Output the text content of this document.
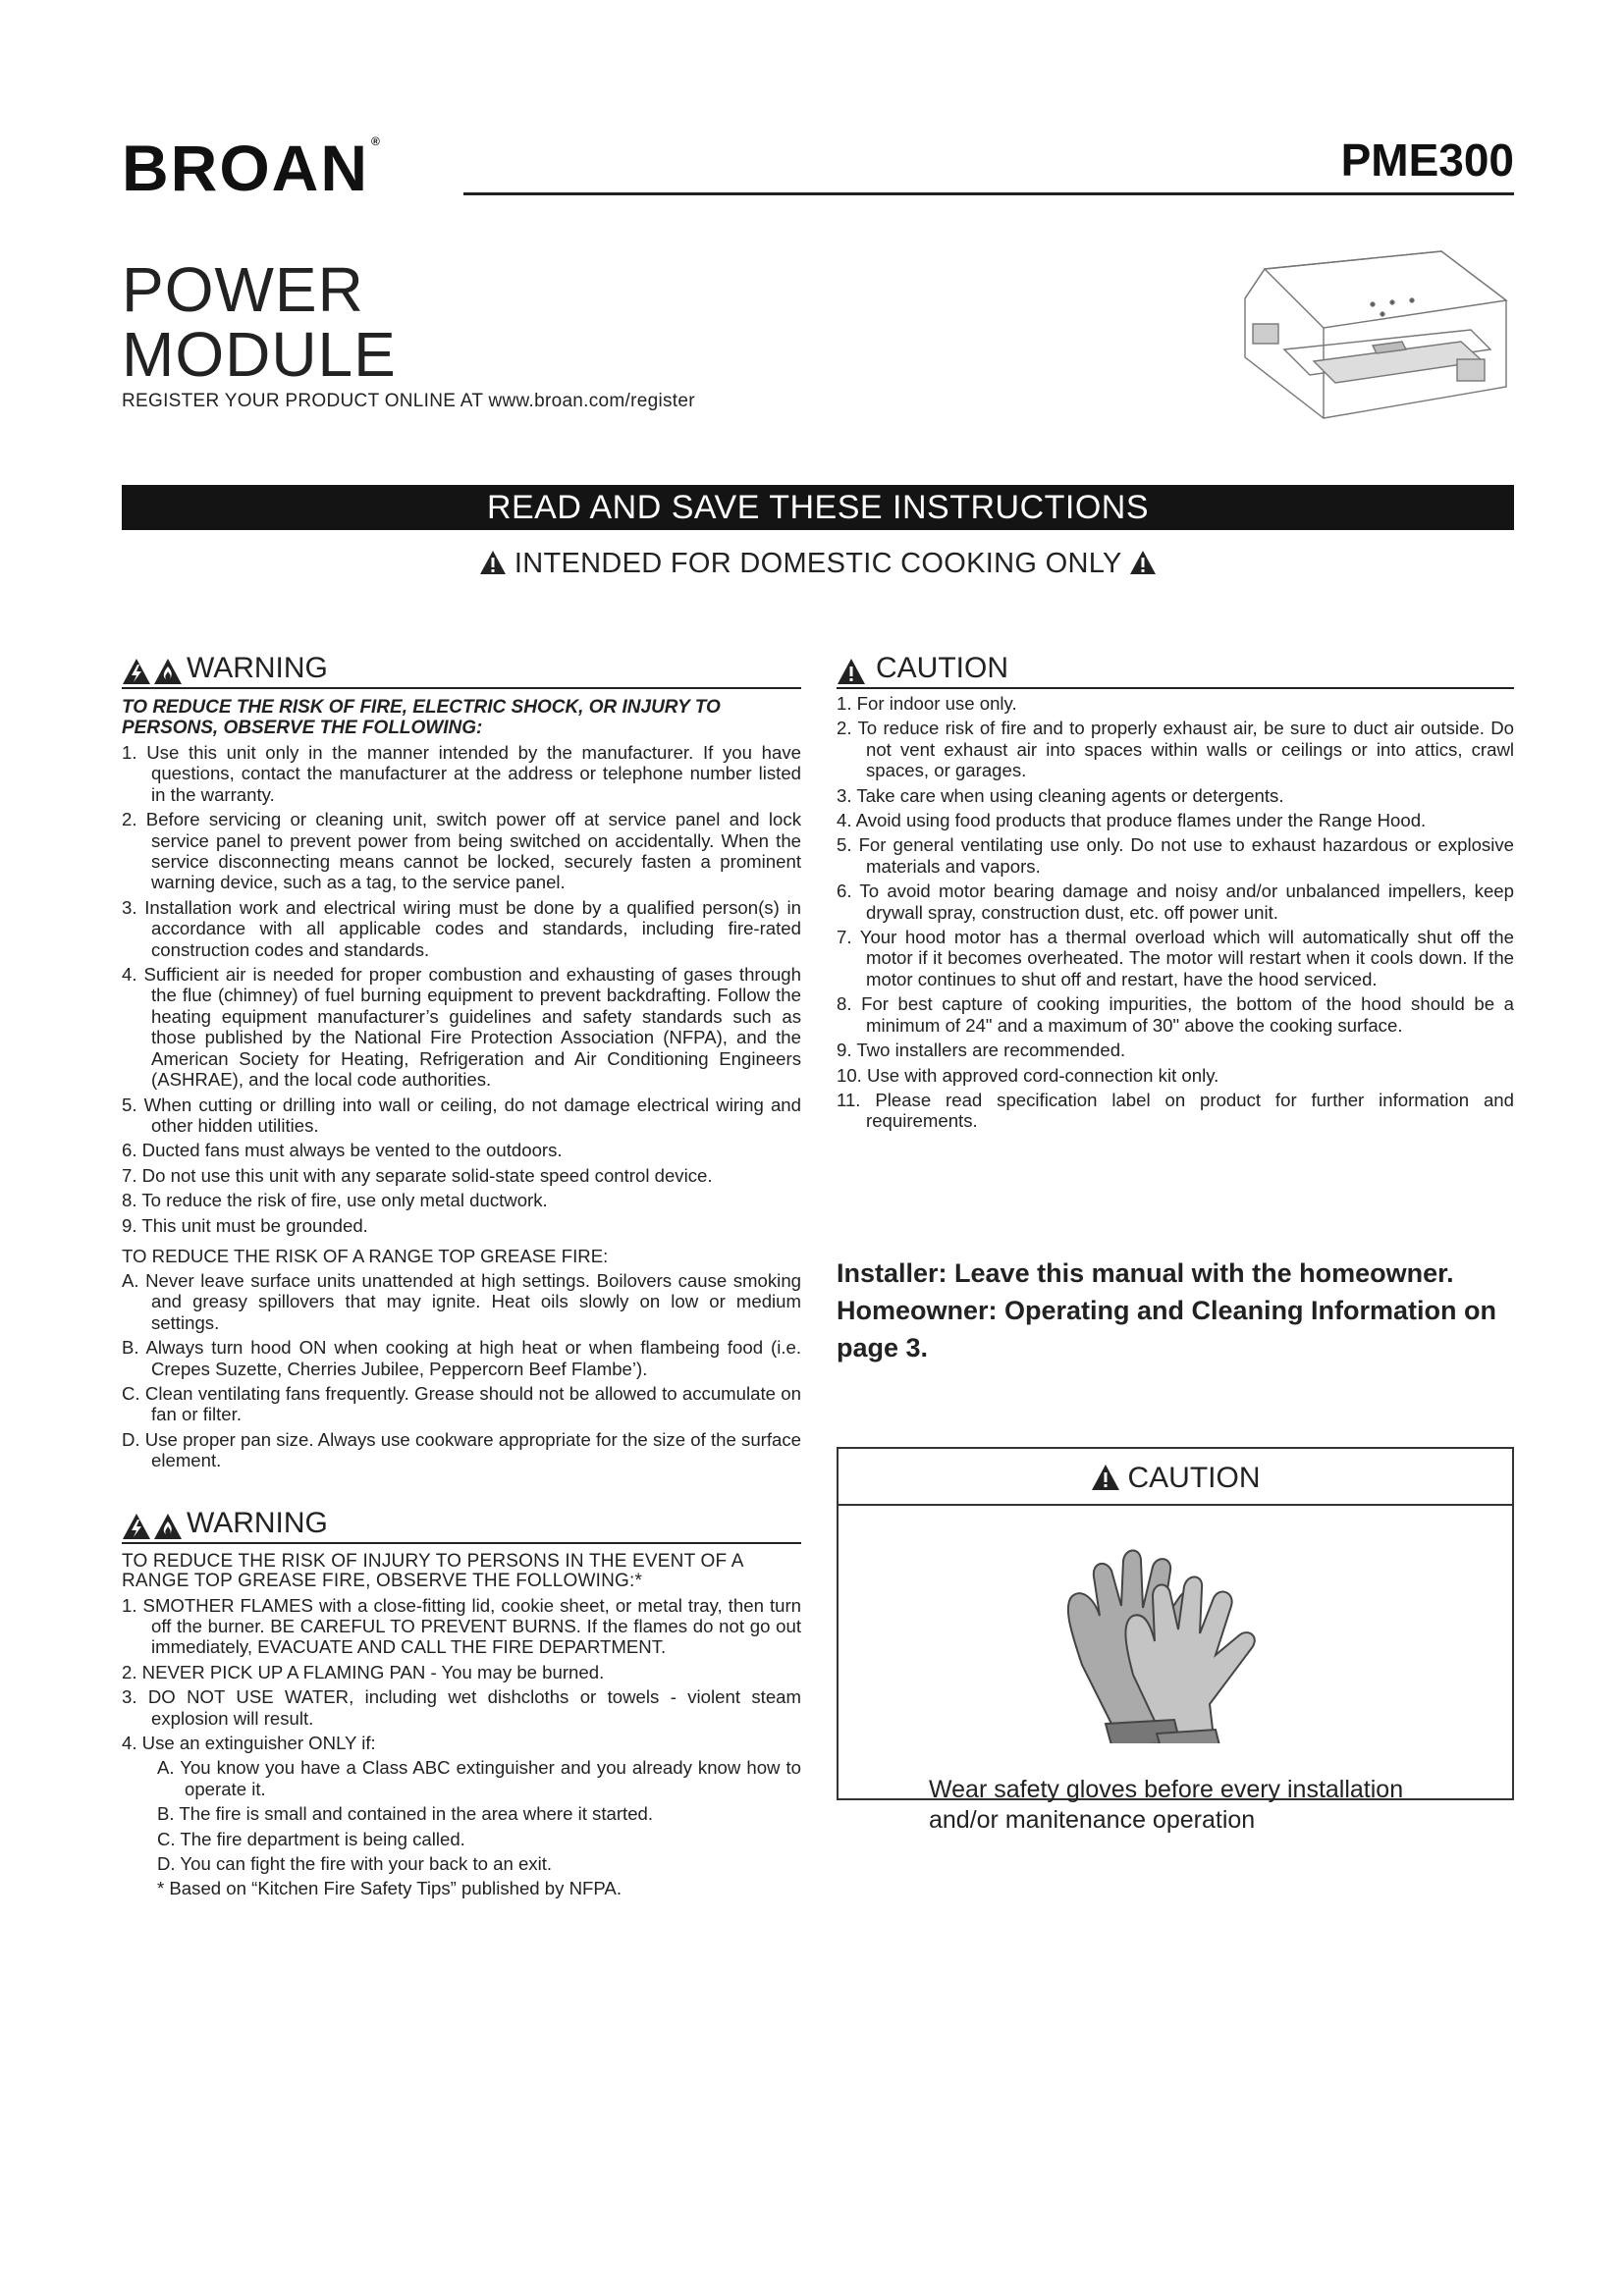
BROAN ®	PME300
POWER
MODULE
REGISTER YOUR PRODUCT ONLINE AT www.broan.com/register
READ AND SAVE THESE INSTRUCTIONS
INTENDED FOR DOMESTIC COOKING ONLY
WARNING
TO REDUCE THE RISK OF FIRE, ELECTRIC SHOCK, OR INJURY TO PERSONS, OBSERVE THE FOLLOWING:
1. Use this unit only in the manner intended by the manufacturer. If you have questions, contact the manufacturer at the address or telephone number listed in the warranty.
2. Before servicing or cleaning unit, switch power off at service panel and lock service panel to prevent power from being switched on accidentally. When the service disconnecting means cannot be locked, securely fasten a prominent warning device, such as a tag, to the service panel.
3. Installation work and electrical wiring must be done by a qualified person(s) in accordance with all applicable codes and standards, including fire-rated construction codes and standards.
4. Sufficient air is needed for proper combustion and exhausting of gases through the flue (chimney) of fuel burning equipment to prevent backdrafting. Follow the heating equipment manufacturer’s guidelines and safety standards such as those published by the National Fire Protection Association (NFPA), and the American Society for Heating, Refrigeration and Air Conditioning Engineers (ASHRAE), and the local code authorities.
5. When cutting or drilling into wall or ceiling, do not damage electrical wiring and other hidden utilities.
6. Ducted fans must always be vented to the outdoors.
7. Do not use this unit with any separate solid-state speed control device.
8. To reduce the risk of fire, use only metal ductwork.
9. This unit must be grounded.
TO REDUCE THE RISK OF A RANGE TOP GREASE FIRE:
A. Never leave surface units unattended at high settings. Boilovers cause smoking and greasy spillovers that may ignite. Heat oils slowly on low or medium settings.
B. Always turn hood ON when cooking at high heat or when flambeing food (i.e. Crepes Suzette, Cherries Jubilee, Peppercorn Beef Flambe’).
C. Clean ventilating fans frequently. Grease should not be allowed to accumulate on fan or filter.
D. Use proper pan size. Always use cookware appropriate for the size of the surface element.
WARNING
TO REDUCE THE RISK OF INJURY TO PERSONS IN THE EVENT OF A RANGE TOP GREASE FIRE, OBSERVE THE FOLLOWING:*
1. SMOTHER FLAMES with a close-fitting lid, cookie sheet, or metal tray, then turn off the burner. BE CAREFUL TO PREVENT BURNS. If the flames do not go out immediately, EVACUATE AND CALL THE FIRE DEPARTMENT.
2. NEVER PICK UP A FLAMING PAN - You may be burned.
3. DO NOT USE WATER, including wet dishcloths or towels - violent steam explosion will result.
4. Use an extinguisher ONLY if:
A. You know you have a Class ABC extinguisher and you already know how to operate it.
B. The fire is small and contained in the area where it started.
C. The fire department is being called.
D. You can fight the fire with your back to an exit.
* Based on “Kitchen Fire Safety Tips” published by NFPA.
CAUTION
1. For indoor use only.
2. To reduce risk of fire and to properly exhaust air, be sure to duct air outside. Do not vent exhaust air into spaces within walls or ceilings or into attics, crawl spaces, or garages.
3. Take care when using cleaning agents or detergents.
4. Avoid using food products that produce flames under the Range Hood.
5. For general ventilating use only. Do not use to exhaust hazardous or explosive materials and vapors.
6. To avoid motor bearing damage and noisy and/or unbalanced impellers, keep drywall spray, construction dust, etc. off power unit.
7. Your hood motor has a thermal overload which will automatically shut off the motor if it becomes overheated. The motor will restart when it cools down. If the motor continues to shut off and restart, have the hood serviced.
8. For best capture of cooking impurities, the bottom of the hood should be a minimum of 24" and a maximum of 30" above the cooking surface.
9. Two installers are recommended.
10. Use with approved cord-connection kit only.
11. Please read specification label on product for further information and requirements.
Installer: Leave this manual with the homeowner.
Homeowner: Operating and Cleaning Information on page 3.
CAUTION
Wear safety gloves before every installation and/or manitenance operation
